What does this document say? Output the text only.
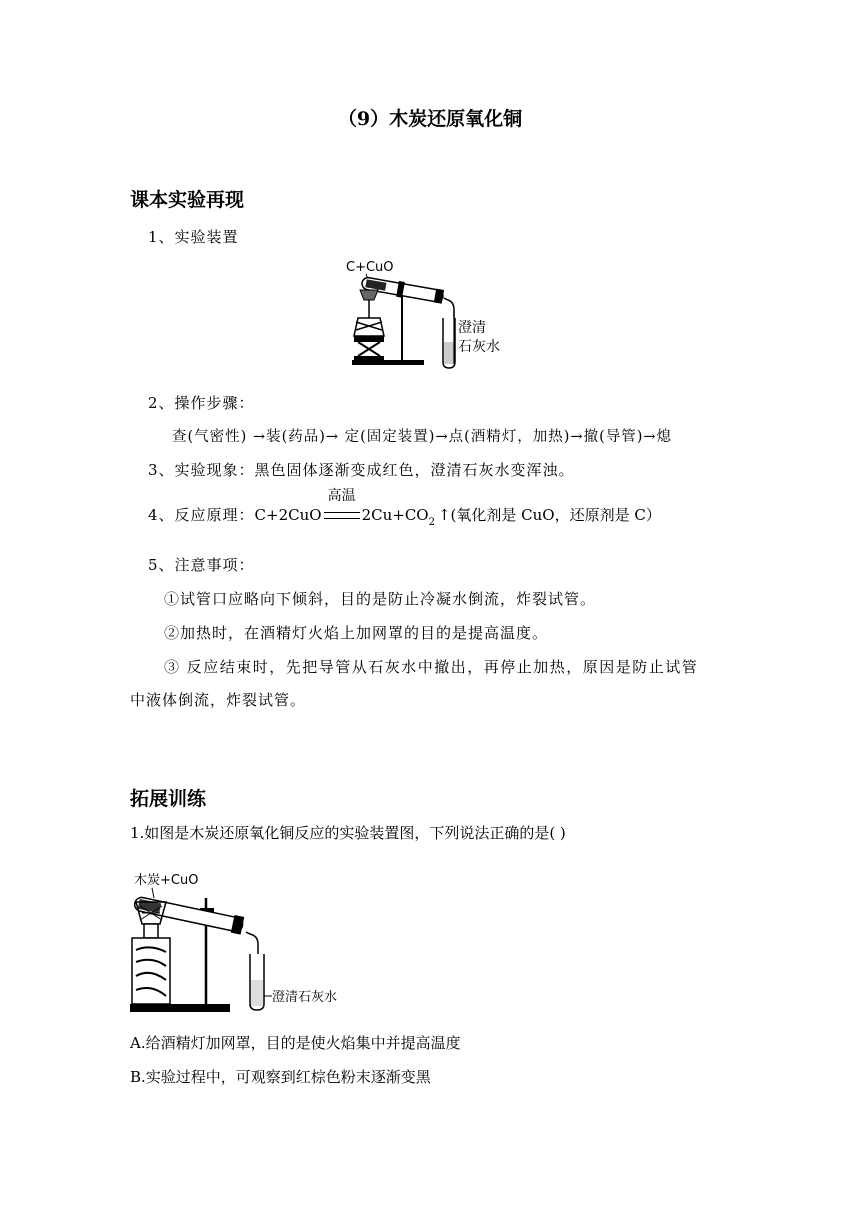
（9）木炭还原氧化铜
课本实验再现
1、实验装置
C+CuO
澄清
石灰水
2、操作步骤：
查(气密性) →装(药品)→ 定(固定装置)→点(酒精灯，加热)→撤(导管)→熄
3、实验现象：黑色固体逐渐变成红色，澄清石灰水变浑浊。
4、反应原理：C+2CuO
高温
$2Cu+CO_2$ ↑(氧化剂是 CuO，还原剂是 C）
5、注意事项：
①试管口应略向下倾斜，目的是防止冷凝水倒流，炸裂试管。
②加热时，在酒精灯火焰上加网罩的目的是提高温度。
③ 反应结束时，先把导管从石灰水中撤出，再停止加热，原因是防止试管
中液体倒流，炸裂试管。
拓展训练
1.如图是木炭还原氧化铜反应的实验装置图，下列说法正确的是( )
木炭+CuO
澄清石灰水
A.给酒精灯加网罩，目的是使火焰集中并提高温度
B.实验过程中，可观察到红棕色粉末逐渐变黑
